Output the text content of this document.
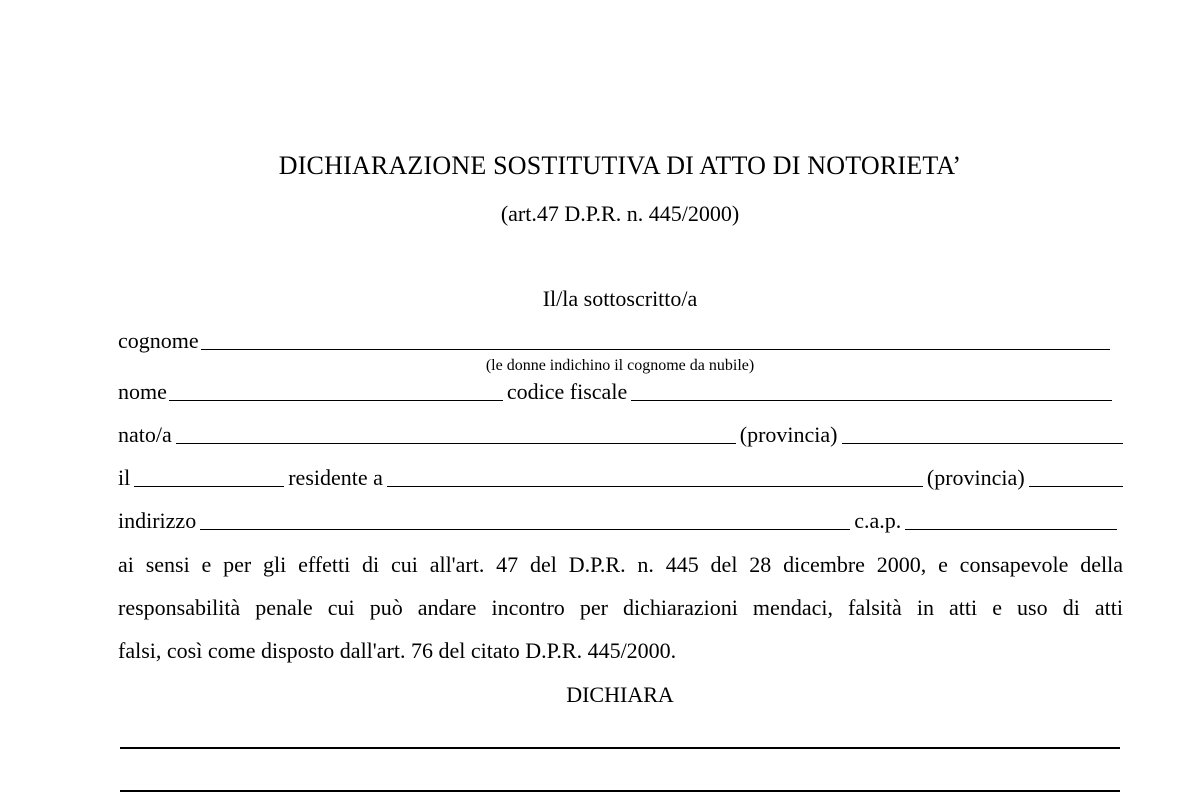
DICHIARAZIONE SOSTITUTIVA DI ATTO DI NOTORIETA’
(art.47 D.P.R. n. 445/2000)
Il/la sottoscritto/a
cognome
(le donne indichino il cognome da nubile)
nome	codice fiscale
nato/a	(provincia)
il	residente a	(provincia)
indirizzo	c.a.p.
ai sensi e per gli effetti di cui all'art. 47 del D.P.R. n. 445 del 28 dicembre 2000, e consapevole della
responsabilità penale cui può andare incontro per dichiarazioni mendaci, falsità in atti e uso di atti
falsi, così come disposto dall'art. 76 del citato D.P.R. 445/2000.
DICHIARA
